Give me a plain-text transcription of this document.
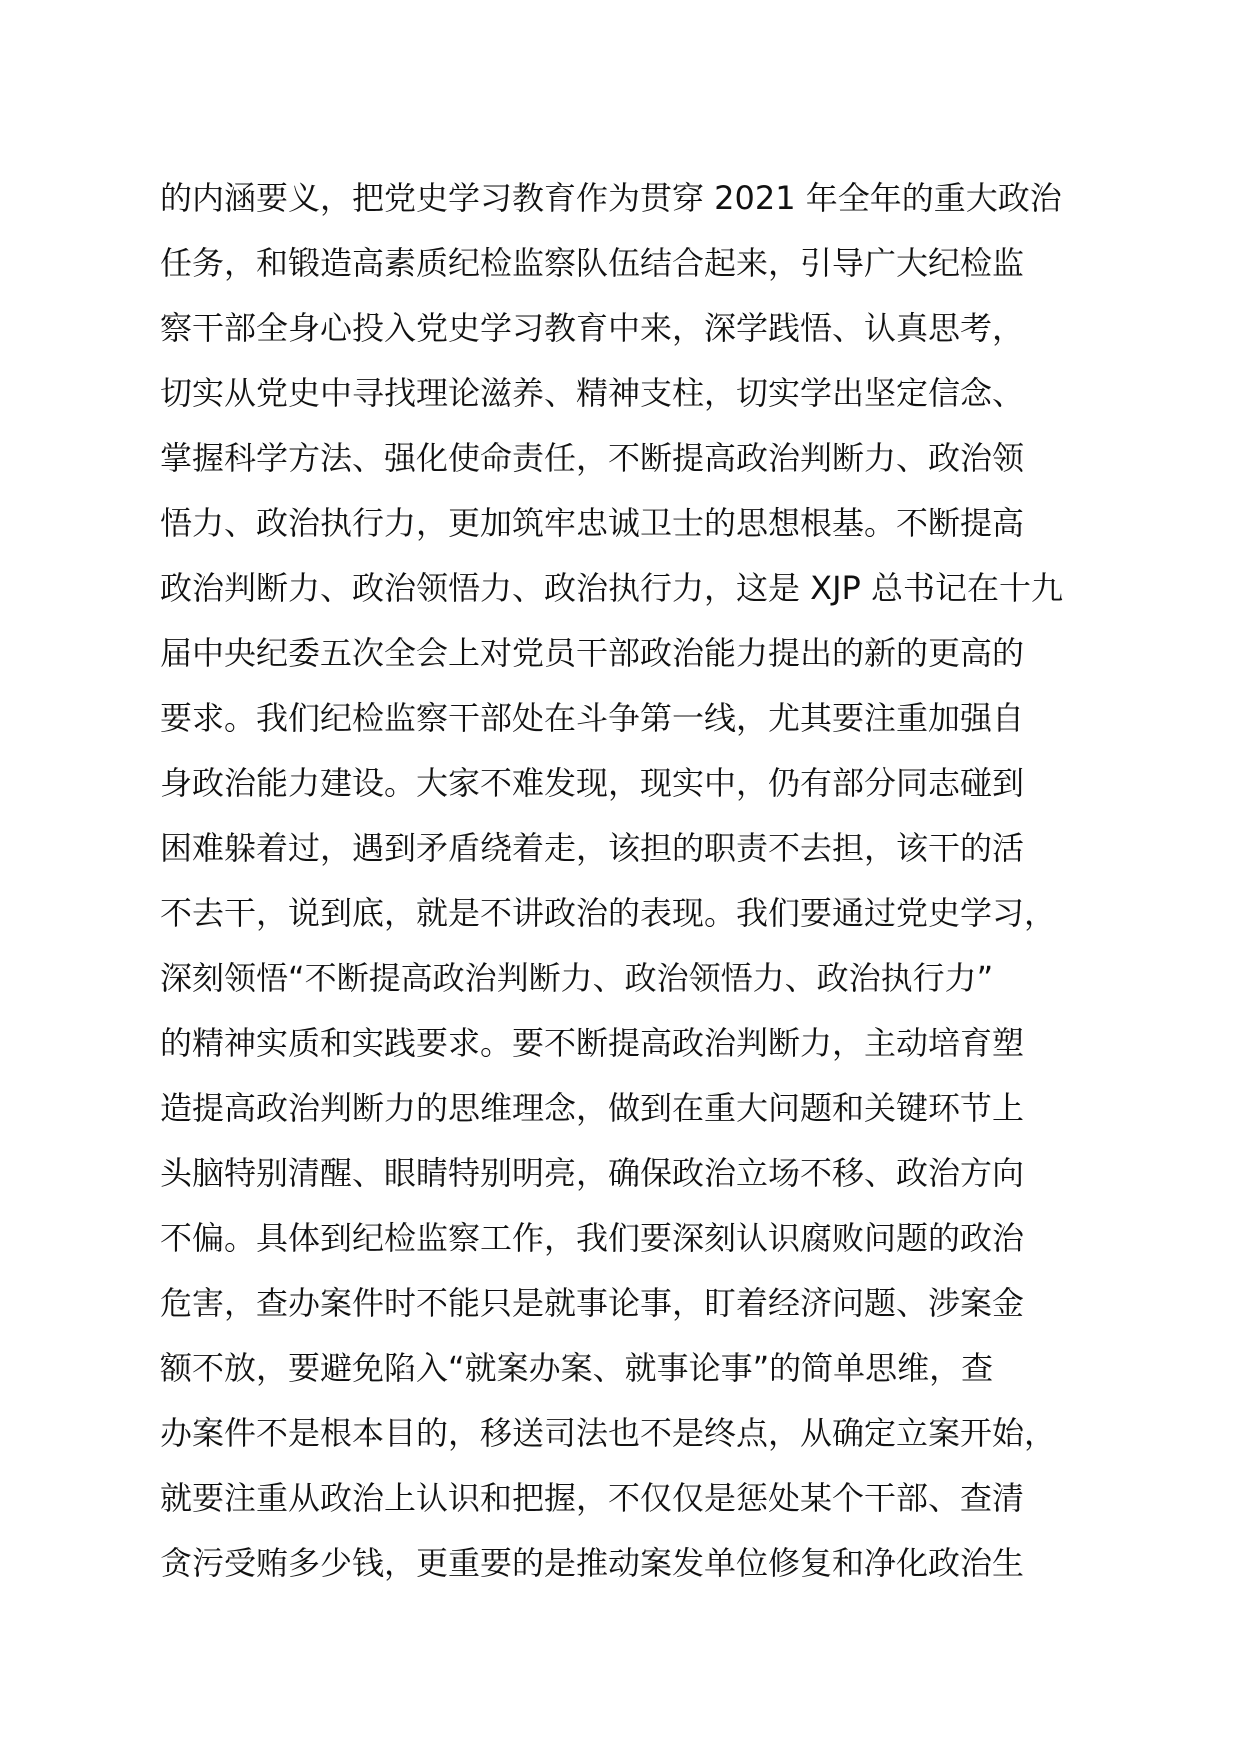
的内涵要义，把党史学习教育作为贯穿 2021 年全年的重大政治
任务，和锻造高素质纪检监察队伍结合起来，引导广大纪检监
察干部全身心投入党史学习教育中来，深学践悟、认真思考，
切实从党史中寻找理论滋养、精神支柱，切实学出坚定信念、
掌握科学方法、强化使命责任，不断提高政治判断力、政治领
悟力、政治执行力，更加筑牢忠诚卫士的思想根基。不断提高
政治判断力、政治领悟力、政治执行力，这是 XJP 总书记在十九
届中央纪委五次全会上对党员干部政治能力提出的新的更高的
要求。我们纪检监察干部处在斗争第一线，尤其要注重加强自
身政治能力建设。大家不难发现，现实中，仍有部分同志碰到
困难躲着过，遇到矛盾绕着走，该担的职责不去担，该干的活
不去干，说到底，就是不讲政治的表现。我们要通过党史学习，
深刻领悟“不断提高政治判断力、政治领悟力、政治执行力”
的精神实质和实践要求。要不断提高政治判断力，主动培育塑
造提高政治判断力的思维理念，做到在重大问题和关键环节上
头脑特别清醒、眼睛特别明亮，确保政治立场不移、政治方向
不偏。具体到纪检监察工作，我们要深刻认识腐败问题的政治
危害，查办案件时不能只是就事论事，盯着经济问题、涉案金
额不放，要避免陷入“就案办案、就事论事”的简单思维，查
办案件不是根本目的，移送司法也不是终点，从确定立案开始，
就要注重从政治上认识和把握，不仅仅是惩处某个干部、查清
贪污受贿多少钱，更重要的是推动案发单位修复和净化政治生
